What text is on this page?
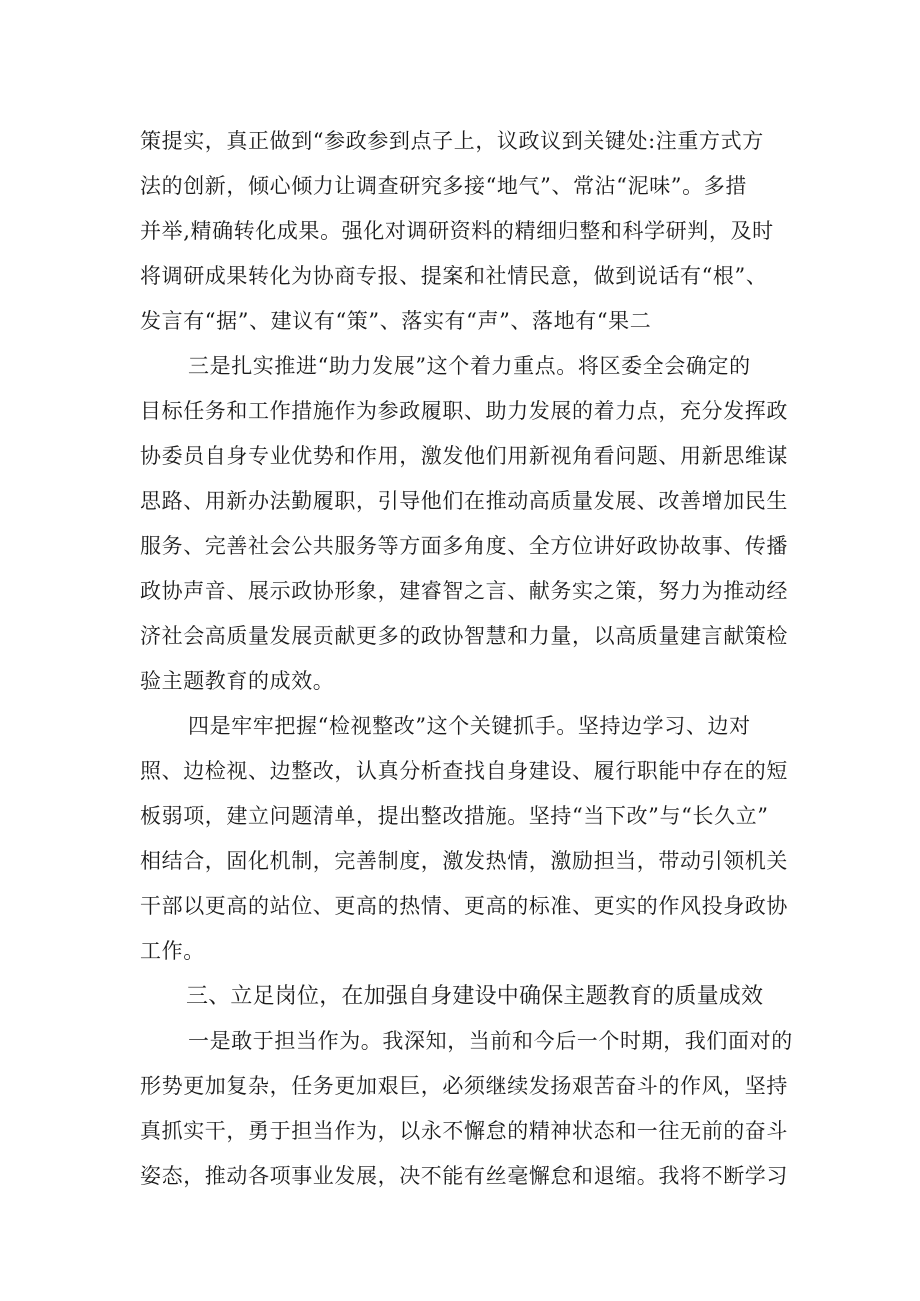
策提实，真正做到“参政参到点子上，议政议到关键处:注重方式方
法的创新，倾心倾力让调查研究多接“地气”、常沾“泥味”。多措
并举,精确转化成果。强化对调研资料的精细归整和科学研判，及时
将调研成果转化为协商专报、提案和社情民意，做到说话有“根”、
发言有“据”、建议有“策”、落实有“声”、落地有“果二
三是扎实推进“助力发展”这个着力重点。将区委全会确定的
目标任务和工作措施作为参政履职、助力发展的着力点，充分发挥政
协委员自身专业优势和作用，激发他们用新视角看问题、用新思维谋
思路、用新办法勤履职，引导他们在推动高质量发展、改善增加民生
服务、完善社会公共服务等方面多角度、全方位讲好政协故事、传播
政协声音、展示政协形象，建睿智之言、献务实之策，努力为推动经
济社会高质量发展贡献更多的政协智慧和力量，以高质量建言献策检
验主题教育的成效。
四是牢牢把握“检视整改”这个关键抓手。坚持边学习、边对
照、边检视、边整改，认真分析查找自身建设、履行职能中存在的短
板弱项，建立问题清单，提出整改措施。坚持“当下改”与“长久立”
相结合，固化机制，完善制度，激发热情，激励担当，带动引领机关
干部以更高的站位、更高的热情、更高的标准、更实的作风投身政协
工作。
三、立足岗位，在加强自身建设中确保主题教育的质量成效
一是敢于担当作为。我深知，当前和今后一个时期，我们面对的
形势更加复杂，任务更加艰巨，必须继续发扬艰苦奋斗的作风，坚持
真抓实干，勇于担当作为，以永不懈怠的精神状态和一往无前的奋斗
姿态，推动各项事业发展，决不能有丝毫懈怠和退缩。我将不断学习
